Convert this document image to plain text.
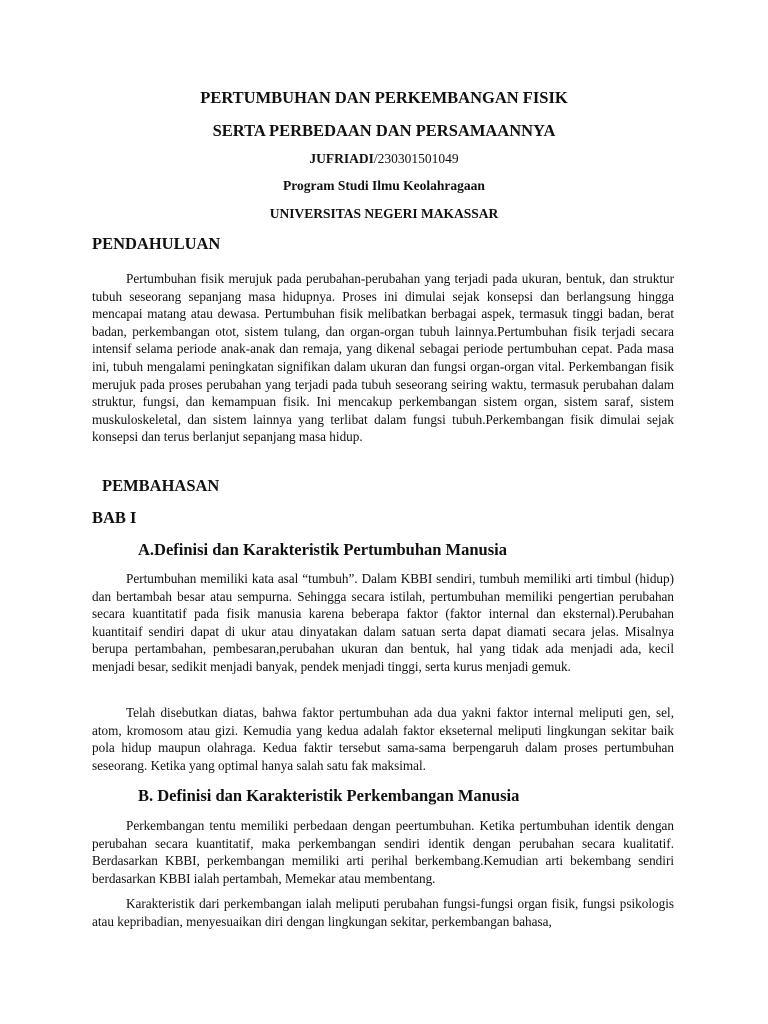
PERTUMBUHAN DAN PERKEMBANGAN FISIK
SERTA PERBEDAAN DAN PERSAMAANNYA
JUFRIADI/230301501049
Program Studi Ilmu Keolahragaan
UNIVERSITAS NEGERI MAKASSAR
PENDAHULUAN

Pertumbuhan fisik merujuk pada perubahan-perubahan yang terjadi pada ukuran, bentuk, dan struktur tubuh seseorang sepanjang masa hidupnya. Proses ini dimulai sejak konsepsi dan berlangsung hingga mencapai matang atau dewasa. Pertumbuhan fisik melibatkan berbagai aspek, termasuk tinggi badan, berat badan, perkembangan otot, sistem tulang, dan organ-organ tubuh lainnya.Pertumbuhan fisik terjadi secara intensif selama periode anak-anak dan remaja, yang dikenal sebagai periode pertumbuhan cepat. Pada masa ini, tubuh mengalami peningkatan signifikan dalam ukuran dan fungsi organ-organ vital. Perkembangan fisik merujuk pada proses perubahan yang terjadi pada tubuh seseorang seiring waktu, termasuk perubahan dalam struktur, fungsi, dan kemampuan fisik. Ini mencakup perkembangan sistem organ, sistem saraf, sistem muskuloskeletal, dan sistem lainnya yang terlibat dalam fungsi tubuh.Perkembangan fisik dimulai sejak konsepsi dan terus berlanjut sepanjang masa hidup.

PEMBAHASAN
BAB I
A.Definisi dan Karakteristik Pertumbuhan Manusia

Pertumbuhan memiliki kata asal “tumbuh”. Dalam KBBI sendiri, tumbuh memiliki arti timbul (hidup) dan bertambah besar atau sempurna. Sehingga secara istilah, pertumbuhan memiliki pengertian perubahan secara kuantitatif pada fisik manusia karena beberapa faktor (faktor internal dan eksternal).Perubahan kuantitaif sendiri dapat di ukur atau dinyatakan dalam satuan serta dapat diamati secara jelas. Misalnya berupa pertambahan, pembesaran,perubahan ukuran dan bentuk, hal yang tidak ada menjadi ada, kecil menjadi besar, sedikit menjadi banyak, pendek menjadi tinggi, serta kurus menjadi gemuk.

Telah disebutkan diatas, bahwa faktor pertumbuhan ada dua yakni faktor internal meliputi gen, sel, atom, kromosom atau gizi. Kemudia yang kedua adalah faktor ekseternal meliputi lingkungan sekitar baik pola hidup maupun olahraga. Kedua faktir tersebut sama-sama berpengaruh dalam proses pertumbuhan seseorang. Ketika yang optimal hanya salah satu fak maksimal.

B. Definisi dan Karakteristik Perkembangan Manusia

Perkembangan tentu memiliki perbedaan dengan peertumbuhan. Ketika pertumbuhan identik dengan perubahan secara kuantitatif, maka perkembangan sendiri identik dengan perubahan secara kualitatif. Berdasarkan KBBI, perkembangan memiliki arti perihal berkembang.Kemudian arti bekembang sendiri berdasarkan KBBI ialah pertambah, Memekar atau membentang.

Karakteristik dari perkembangan ialah meliputi perubahan fungsi-fungsi organ fisik, fungsi psikologis atau kepribadian, menyesuaikan diri dengan lingkungan sekitar, perkembangan bahasa,
